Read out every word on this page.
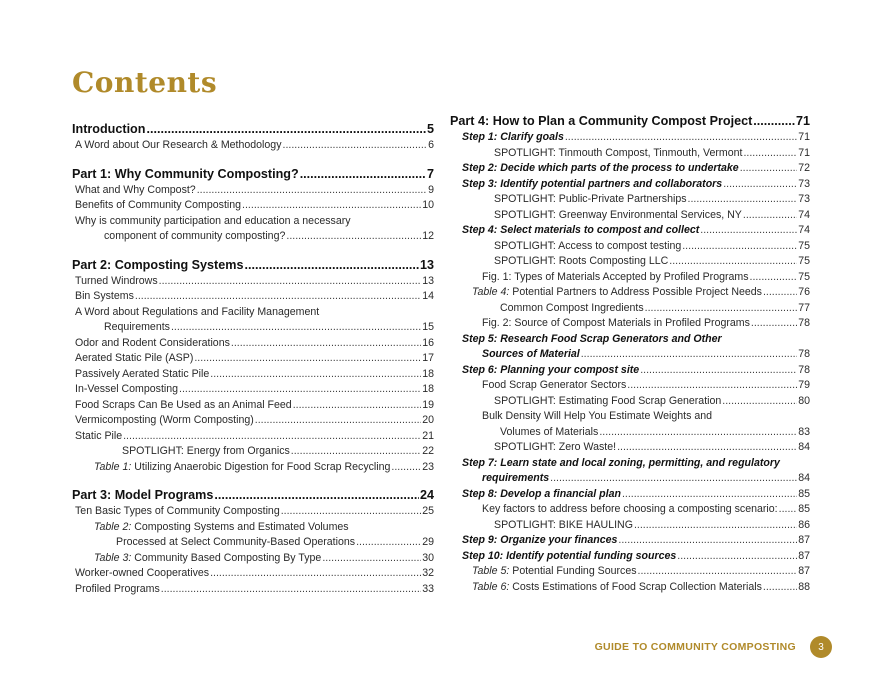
Contents
Introduction .....	5
A Word about Our Research & Methodology .....	6
Part 1: Why Community Composting? .....	7
What and Why Compost? .....	9
Benefits of Community Composting .....	10
Why is community participation and education a necessary
component of community composting? .....	12
Part 2: Composting Systems .....	13
Turned Windrows .....	13
Bin Systems .....	14
A Word about Regulations and Facility Management
Requirements .....	15
Odor and Rodent Considerations .....	16
Aerated Static Pile (ASP) .....	17
Passively Aerated Static Pile .....	18
In-Vessel Composting .....	18
Food Scraps Can Be Used as an Animal Feed .....	19
Vermicomposting (Worm Composting) .....	20
Static Pile .....	21
SPOTLIGHT: Energy from Organics .....	22
Table 1: Utilizing Anaerobic Digestion for Food Scrap Recycling .....	23
Part 3: Model Programs .....	24
Ten Basic Types of Community Composting .....	25
Table 2: Composting Systems and Estimated Volumes
Processed at Select Community-Based Operations .....	29
Table 3: Community Based Composting By Type .....	30
Worker-owned Cooperatives .....	32
Profiled Programs .....	33
Part 4: How to Plan a Community Compost Project .....	71
Step 1: Clarify goals .....	71
SPOTLIGHT: Tinmouth Compost, Tinmouth, Vermont .....	71
Step 2: Decide which parts of the process to undertake .....	72
Step 3: Identify potential partners and collaborators .....	73
SPOTLIGHT: Public-Private Partnerships .....	73
SPOTLIGHT: Greenway Environmental Services, NY .....	74
Step 4: Select materials to compost and collect .....	74
SPOTLIGHT: Access to compost testing .....	75
SPOTLIGHT: Roots Composting LLC .....	75
Fig. 1: Types of Materials Accepted by Profiled Programs .....	75
Table 4: Potential Partners to Address Possible Project Needs .....	76
Common Compost Ingredients .....	77
Fig. 2: Source of Compost Materials in Profiled Programs .....	78
Step 5: Research Food Scrap Generators and Other
Sources of Material .....	78
Step 6: Planning your compost site .....	78
Food Scrap Generator Sectors .....	79
SPOTLIGHT: Estimating Food Scrap Generation .....	80
Bulk Density Will Help You Estimate Weights and
Volumes of Materials .....	83
SPOTLIGHT: Zero Waste! .....	84
Step 7: Learn state and local zoning, permitting, and regulatory
requirements .....	84
Step 8: Develop a financial plan .....	85
Key factors to address before choosing a composting scenario: ..... 85
SPOTLIGHT: BIKE HAULING .....	86
Step 9: Organize your finances .....	87
Step 10: Identify potential funding sources .....	87
Table 5: Potential Funding Sources .....	87
Table 6: Costs Estimations of Food Scrap Collection Materials .....	88
GUIDE TO COMMUNITY COMPOSTING	3
